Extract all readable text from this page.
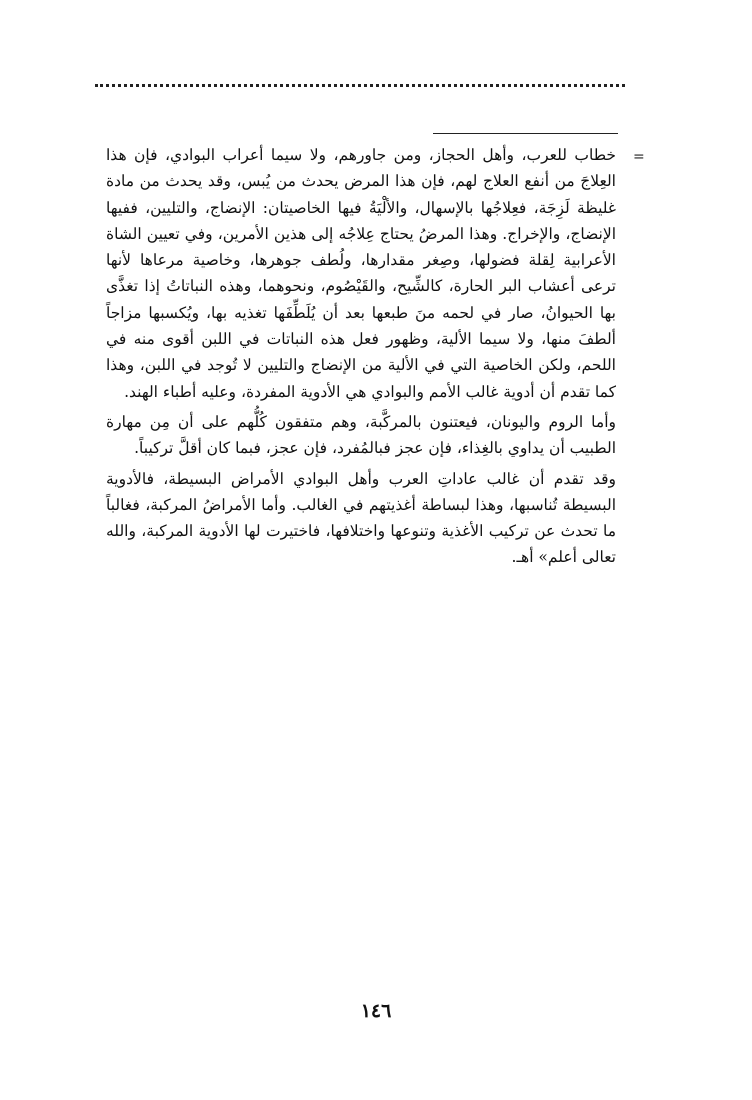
=

خطاب للعرب، وأهل الحجاز، ومن جاورهم، ولا سيما أعراب البوادي، فإن هذا العِلاجَ من أنفع العلاج لهم، فإن هذا المرض يحدث من يُبس، وقد يحدث من مادة غليظة لَزِجَة، فعِلاجُها بالإسهال، والألْيَةُ فيها الخاصيتان: الإنضاج، والتليين، ففيها الإنضاج، والإخراج. وهذا المرضُ يحتاج عِلاجُه إلى هذين الأمرين، وفي تعيين الشاة الأعرابية لِقلة فضولها، وصِغر مقدارها، ولُطف جوهرها، وخاصية مرعاها لأنها ترعى أعشاب البر الحارة، كالشِّيح، والقَيْصُوم، ونحوهما، وهذه النباتاتُ إذا تغذَّى بها الحيوانُ، صار في لحمه منَ طبعها بعد أن يُلَطِّفَها تغذيه بها، ويُكسبها مزاجاً ألطفَ منها، ولا سيما الألية، وظهور فعل هذه النباتات في اللبن أقوى منه في اللحم، ولكن الخاصية التي في الألية من الإنضاج والتليين لا تُوجد في اللبن، وهذا كما تقدم أن أدوية غالب الأمم والبوادي هي الأدوية المفردة، وعليه أطباء الهند.

وأما الروم واليونان، فيعتنون بالمركَّبة، وهم متفقون كُلُّهم على أن مِن مهارة الطبيب أن يداوي بالغِذاء، فإن عجز فبالمُفرد، فإن عجز، فبما كان أقلَّ تركيباً.

وقد تقدم أن غالب عاداتِ العرب وأهل البوادي الأمراض البسيطة، فالأدوية البسيطة تُناسبها، وهذا لبساطة أغذيتهم في الغالب. وأما الأمراضُ المركبة، فغالباً ما تحدث عن تركيب الأغذية وتنوعها واختلافها، فاختيرت لها الأدوية المركبة، والله تعالى أعلم» أهـ.

١٤٦
